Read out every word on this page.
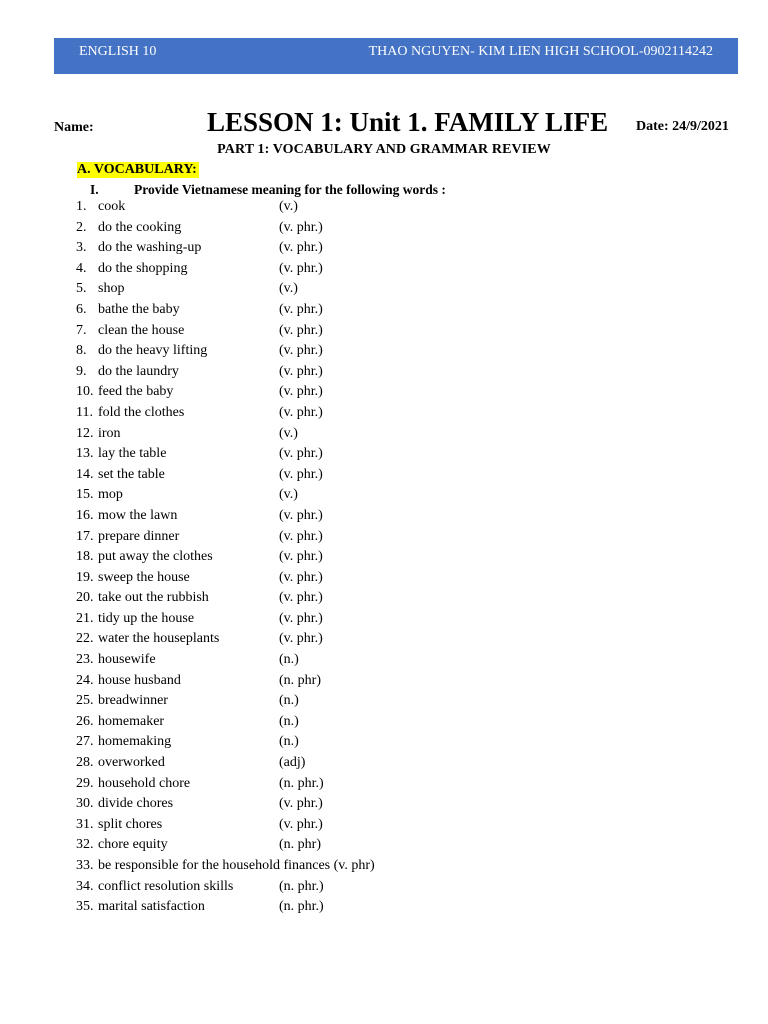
ENGLISH 10	THAO NGUYEN- KIM LIEN HIGH SCHOOL-0902114242
Name:	LESSON 1: Unit 1. FAMILY LIFE Date: 24/9/2021
PART 1: VOCABULARY AND GRAMMAR REVIEW
A. VOCABULARY:
I.	Provide Vietnamese meaning for the following words :
1. cook	(v.)
2. do the cooking	(v. phr.)
3. do the washing-up	(v. phr.)
4. do the shopping	(v. phr.)
5. shop	(v.)
6. bathe the baby	(v. phr.)
7. clean the house	(v. phr.)
8. do the heavy lifting	(v. phr.)
9. do the laundry	(v. phr.)
10. feed the baby	(v. phr.)
11. fold the clothes	(v. phr.)
12. iron	(v.)
13. lay the table	(v. phr.)
14. set the table	(v. phr.)
15. mop	(v.)
16. mow the lawn	(v. phr.)
17. prepare dinner	(v. phr.)
18. put away the clothes	(v. phr.)
19. sweep the house	(v. phr.)
20. take out the rubbish	(v. phr.)
21. tidy up the house	(v. phr.)
22. water the houseplants	(v. phr.)
23. housewife	(n.)
24. house husband	(n. phr)
25. breadwinner	(n.)
26. homemaker	(n.)
27. homemaking	(n.)
28. overworked	(adj)
29. household chore	(n. phr.)
30. divide chores	(v. phr.)
31. split chores	(v. phr.)
32. chore equity	(n. phr)
33. be responsible for the household finances (v. phr)
34. conflict resolution skills	(n. phr.)
35. marital satisfaction	(n. phr.)
